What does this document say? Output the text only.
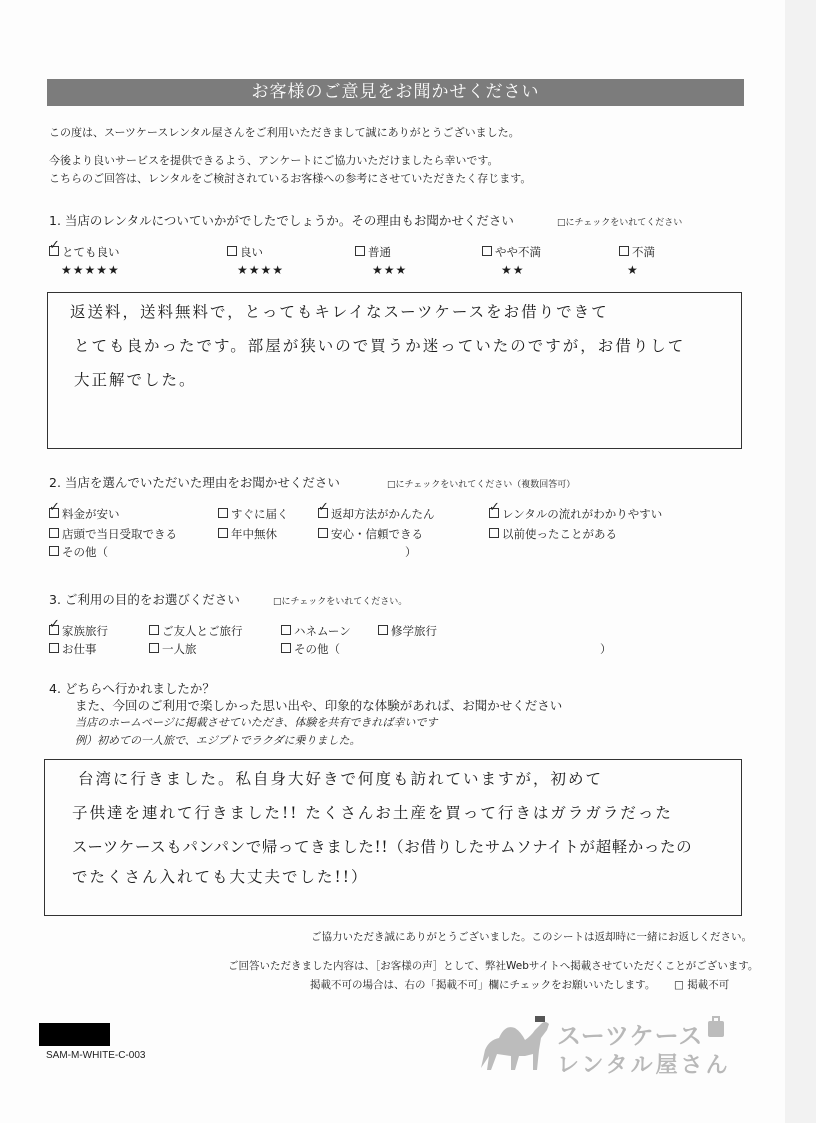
お客様のご意見をお聞かせください
この度は、スーツケースレンタル屋さんをご利用いただきまして誠にありがとうございました。
今後より良いサービスを提供できるよう、アンケートにご協力いただけましたら幸いです。
こちらのご回答は、レンタルをご検討されているお客様への参考にさせていただきたく存じます。
1. 当店のレンタルについていかがでしたでしょうか。その理由もお聞かせください	□にチェックをいれてください
✓とても良い	良い	普通	やや不満	不満
★★★★★	★★★★	★★★	★★	★
返送料，送料無料で，とってもキレイなスーツケースをお借りできて
とても良かったです。部屋が狭いので買うか迷っていたのですが，お借りして
大正解でした。
2. 当店を選んでいただいた理由をお聞かせください	□にチェックをいれてください（複数回答可）
✓料金が安い	すぐに届く ✓	返却方法がかんたん ✓	レンタルの流れがわかりやすい
店頭で当日受取できる	年中無休	安心・信頼できる	以前使ったことがある
その他（	）
3. ご利用の目的をお選びください	□にチェックをいれてください。
✓家族旅行	ご友人とご旅行	ハネムーン	修学旅行
お仕事	一人旅	その他（	）
4. どちらへ行かれましたか？
また、今回のご利用で楽しかった思い出や、印象的な体験があれば、お聞かせください
当店のホームページに掲載させていただき、体験を共有できれば幸いです
例）初めての一人旅で、エジプトでラクダに乗りました。
台湾に行きました。私自身大好きで何度も訪れていますが，初めて
子供達を連れて行きました!! たくさんお土産を買って行きはガラガラだった
スーツケースもパンパンで帰ってきました!!（お借りしたサムソナイトが超軽かったの
でたくさん入れても大丈夫でした!!）
ご協力いただき誠にありがとうございました。このシートは返却時に一緒にお返しください。
ご回答いただきました内容は、［お客様の声］として、弊社Webサイトへ掲載させていただくことがございます。
掲載不可の場合は、右の「掲載不可」欄にチェックをお願いいたします。 □ 掲載不可
SAM-M-WHITE-C-003
スーツケース
レンタル屋さん
